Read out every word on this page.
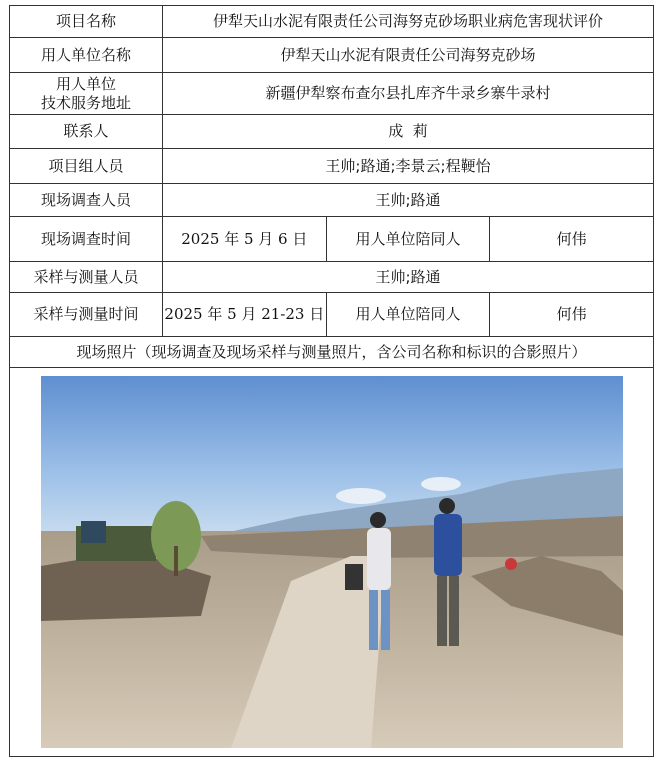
项目名称	伊犁天山水泥有限责任公司海努克砂场职业病危害现状评价		
用人单位名称	伊犁天山水泥有限责任公司海努克砂场		

用人单位
技术服务地址	新疆伊犁察布查尔县扎库齐牛录乡寨牛录村		
联系人	成  莉		
项目组人员	王帅;路通;李景云;程鞕怡		
现场调查人员	王帅;路通		
现场调查时间	2025 年 5 月 6 日	用人单位陪同人	何伟
采样与测量人员	王帅;路通		
采样与测量时间	2025 年 5 月 21-23 日	用人单位陪同人	何伟
现场照片（现场调查及现场采样与测量照片，含公司名称和标识的合影照片）			
